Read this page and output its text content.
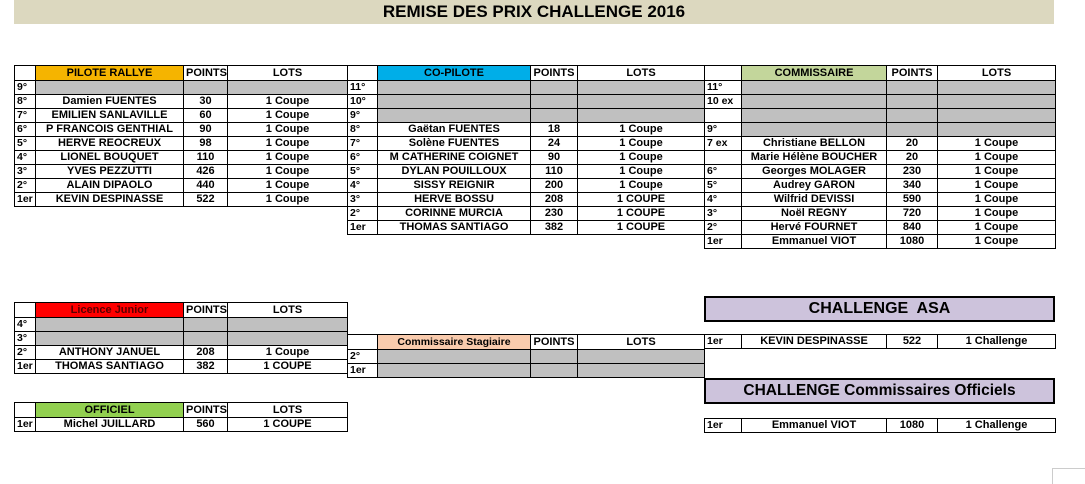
REMISE DES PRIX CHALLENGE 2016
	PILOTE RALLYE	POINTS	LOTS
9°			
8°	Damien FUENTES	30	1 Coupe
7°	EMILIEN SANLAVILLE	60	1 Coupe
6°	P FRANCOIS GENTHIAL	90	1 Coupe
5°	HERVE REOCREUX	98	1 Coupe
4°	LIONEL BOUQUET	110	1 Coupe
3°	YVES PEZZUTTI	426	1 Coupe
2°	ALAIN DIPAOLO	440	1 Coupe
1er	KEVIN DESPINASSE	522	1 Coupe
	CO-PILOTE	POINTS	LOTS
11°			
10°			
9°			
8°	Gaëtan FUENTES	18	1 Coupe
7°	Solène FUENTES	24	1 Coupe
6°	M CATHERINE COIGNET	90	1 Coupe
5°	DYLAN POUILLOUX	110	1 Coupe
4°	SISSY REIGNIR	200	1 Coupe
3°	HERVE BOSSU	208	1 COUPE
2°	CORINNE MURCIA	230	1 COUPE
1er	THOMAS SANTIAGO	382	1 COUPE
	COMMISSAIRE	POINTS	LOTS
11°			
10 ex			

9°			
7 ex	Christiane BELLON	20	1 Coupe
	Marie Hélène BOUCHER	20	1 Coupe
6°	Georges MOLAGER	230	1 Coupe
5°	Audrey GARON	340	1 Coupe
4°	Wilfrid DEVISSI	590	1 Coupe
3°	Noël REGNY	720	1 Coupe
2°	Hervé FOURNET	840	1 Coupe
1er	Emmanuel VIOT	1080	1 Coupe
	Licence Junior	POINTS	LOTS
4°			
3°			
2°	ANTHONY JANUEL	208	1 Coupe
1er	THOMAS SANTIAGO	382	1 COUPE
	Commissaire Stagiaire	POINTS	LOTS
2°			
1er			
	OFFICIEL	POINTS	LOTS
1er	Michel JUILLARD	560	1 COUPE
CHALLENGE  ASA
1er	KEVIN DESPINASSE	522	1 Challenge
CHALLENGE Commissaires Officiels
1er	Emmanuel VIOT	1080	1 Challenge
